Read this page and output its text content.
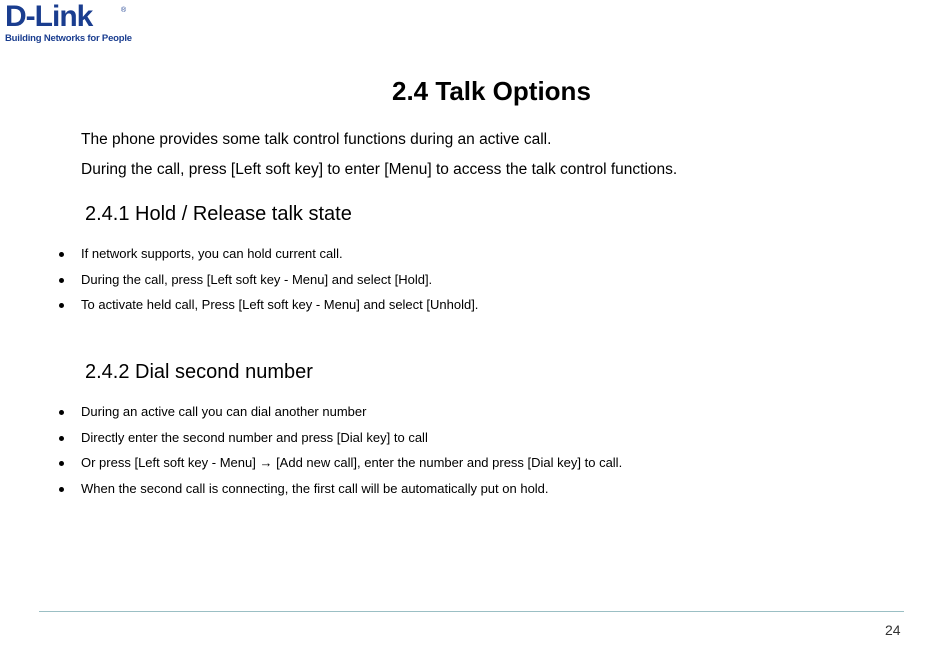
D-Link	®
Building Networks for People
2.4 Talk Options

The phone provides some talk control functions during an active call.

During the call, press [Left soft key] to enter [Menu] to access the talk control functions.

2.4.1 Hold / Release talk state
If network supports, you can hold current call.
During the call, press [Left soft key - Menu] and select [Hold].
To activate held call, Press [Left soft key - Menu] and select [Unhold].
2.4.2 Dial second number
During an active call you can dial another number
Directly enter the second number and press [Dial key] to call
Or press [Left soft key - Menu] → [Add new call], enter the number and press [Dial key] to call.
When the second call is connecting, the first call will be automatically put on hold.
24
